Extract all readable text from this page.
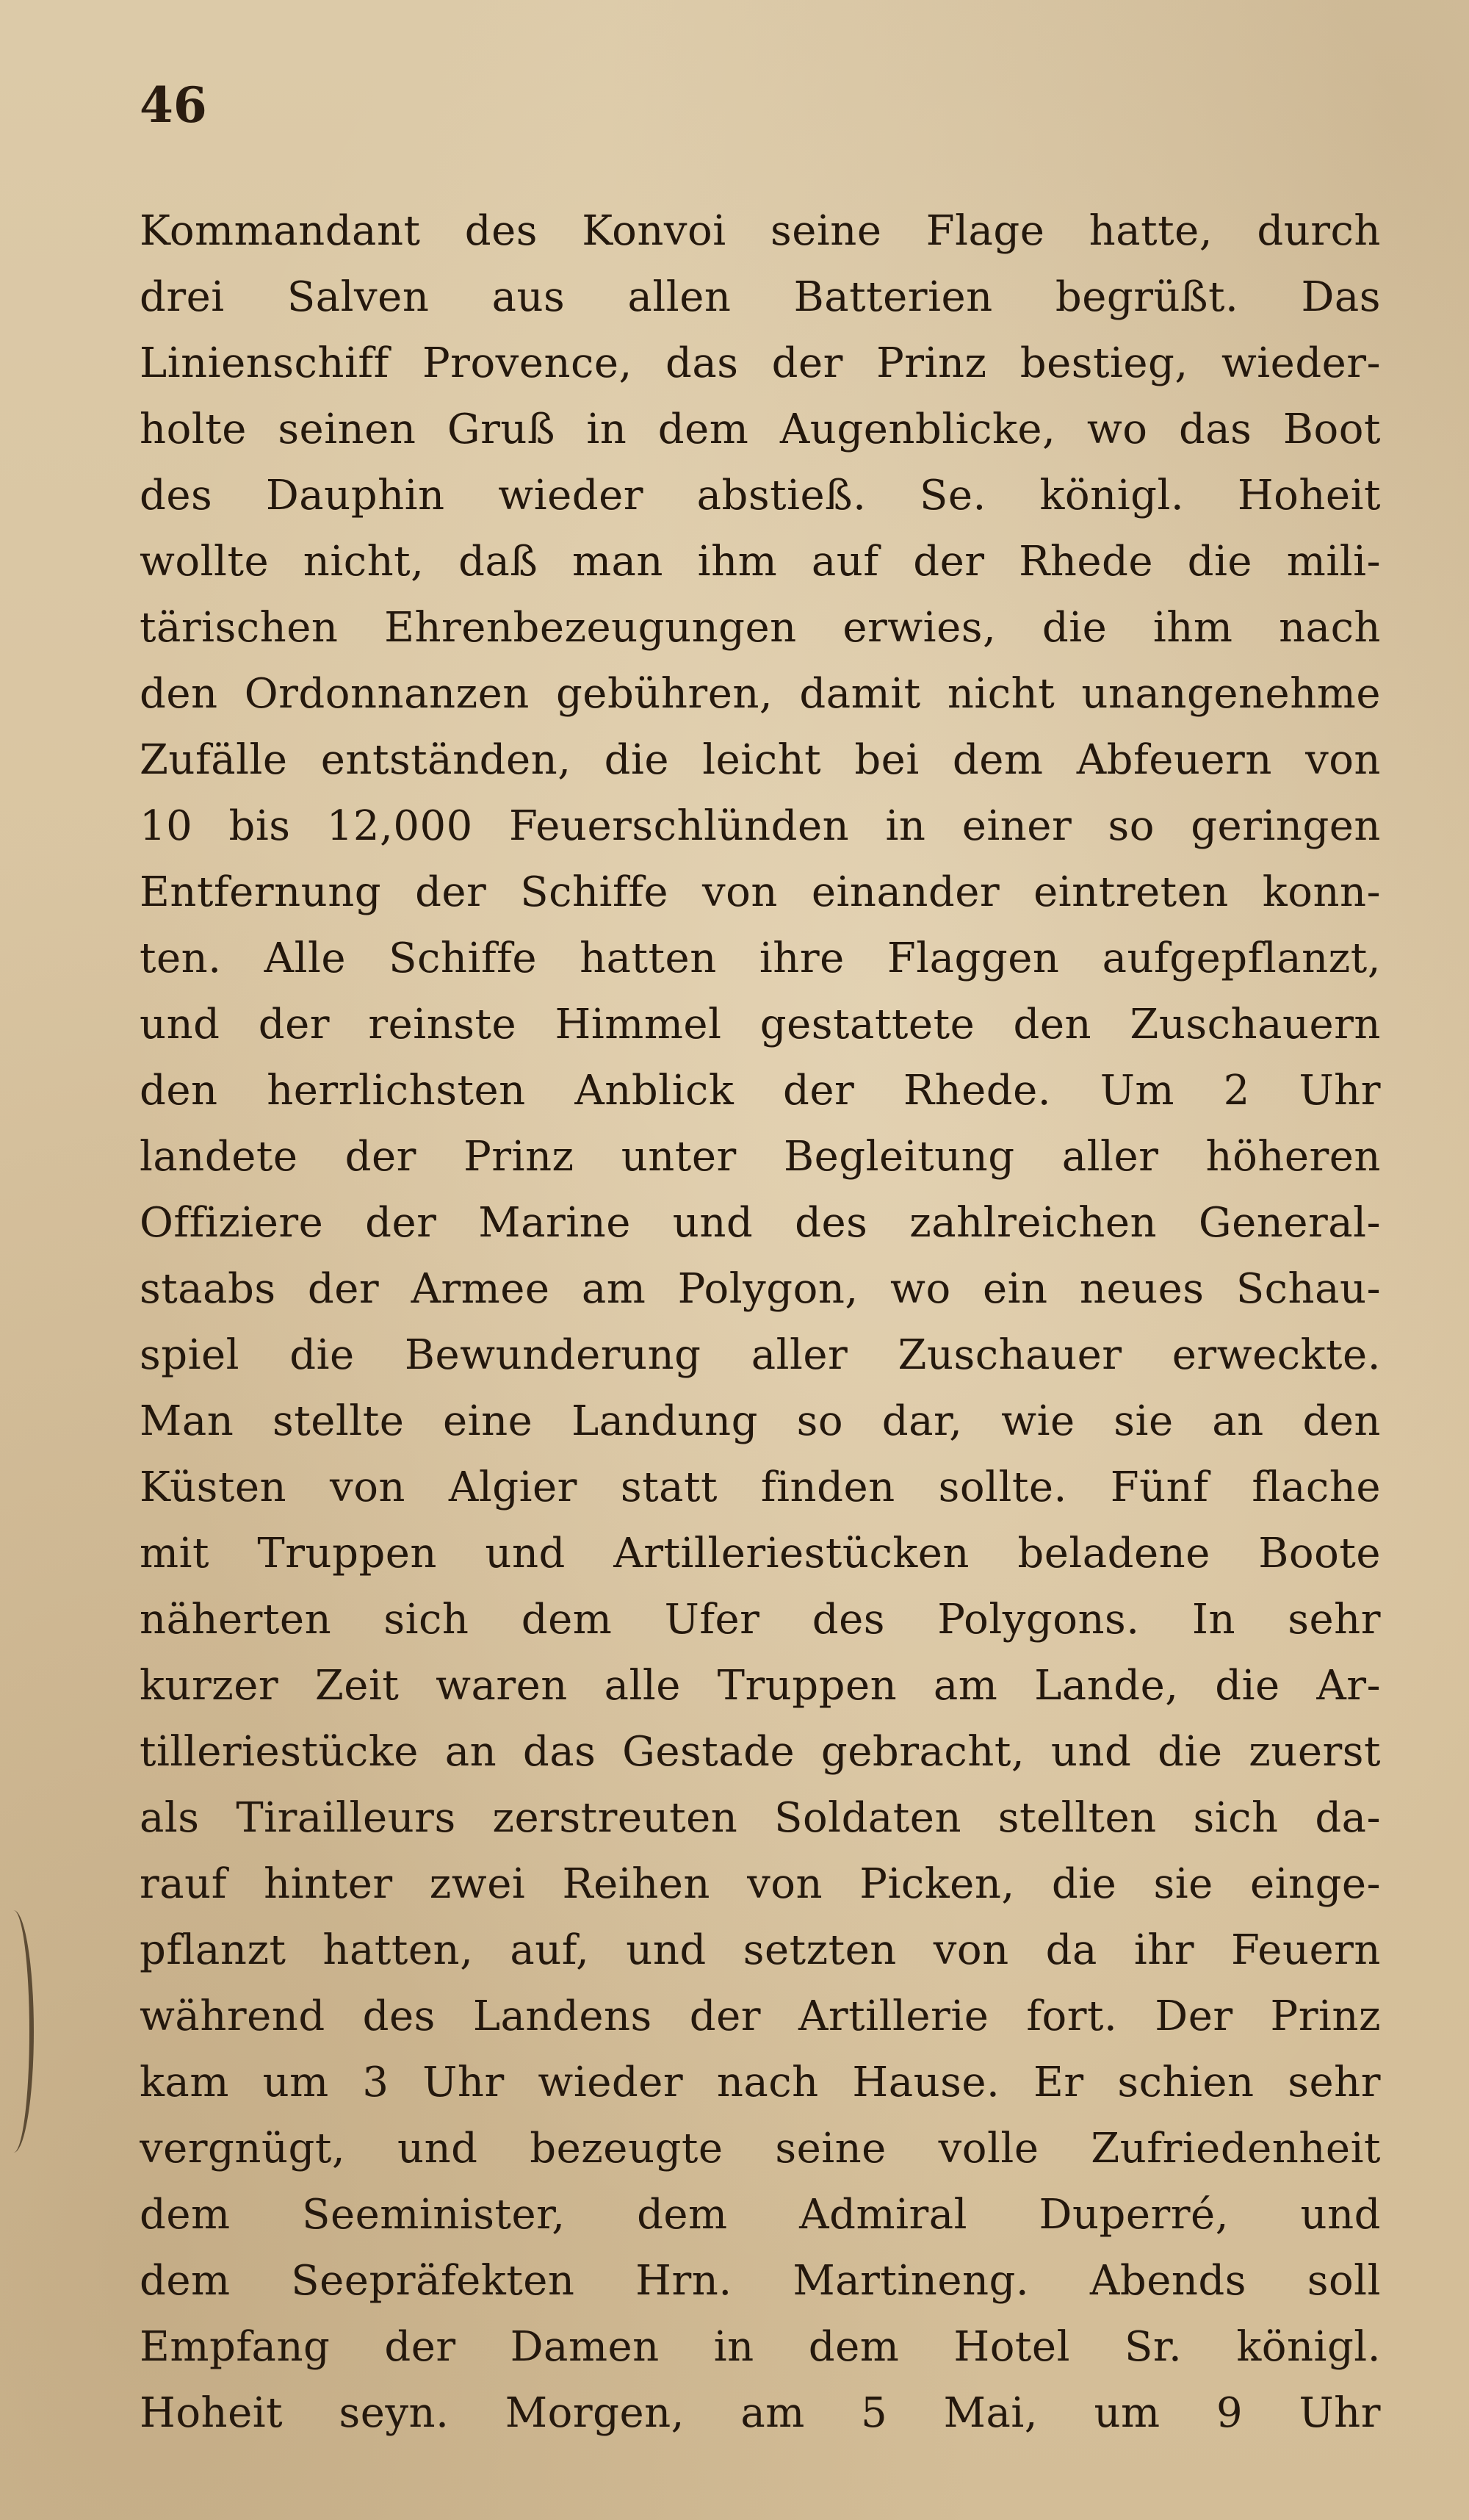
46

Kommandant des Konvoi seine Flage hatte, durch
drei Salven aus allen Batterien begrüßt. Das
Linienschiff Provence, das der Prinz bestieg, wieder-
holte seinen Gruß in dem Augenblicke, wo das Boot
des Dauphin wieder abstieß. Se. königl. Hoheit
wollte nicht, daß man ihm auf der Rhede die mili-
tärischen Ehrenbezeugungen erwies, die ihm nach
den Ordonnanzen gebühren, damit nicht unangenehme
Zufälle entständen, die leicht bei dem Abfeuern von
10 bis 12,000 Feuerschlünden in einer so geringen
Entfernung der Schiffe von einander eintreten konn-
ten. Alle Schiffe hatten ihre Flaggen aufgepflanzt,
und der reinste Himmel gestattete den Zuschauern
den herrlichsten Anblick der Rhede. Um 2 Uhr
landete der Prinz unter Begleitung aller höheren
Offiziere der Marine und des zahlreichen General-
staabs der Armee am Polygon, wo ein neues Schau-
spiel die Bewunderung aller Zuschauer erweckte.
Man stellte eine Landung so dar, wie sie an den
Küsten von Algier statt finden sollte. Fünf flache
mit Truppen und Artilleriestücken beladene Boote
näherten sich dem Ufer des Polygons. In sehr
kurzer Zeit waren alle Truppen am Lande, die Ar-
tilleriestücke an das Gestade gebracht, und die zuerst
als Tirailleurs zerstreuten Soldaten stellten sich da-
rauf hinter zwei Reihen von Picken, die sie einge-
pflanzt hatten, auf, und setzten von da ihr Feuern
während des Landens der Artillerie fort. Der Prinz
kam um 3 Uhr wieder nach Hause. Er schien sehr
vergnügt, und bezeugte seine volle Zufriedenheit
dem Seeminister, dem Admiral Duperré, und
dem Seepräfekten Hrn. Martineng. Abends soll
Empfang der Damen in dem Hotel Sr. königl.
Hoheit seyn. Morgen, am 5 Mai, um 9 Uhr
